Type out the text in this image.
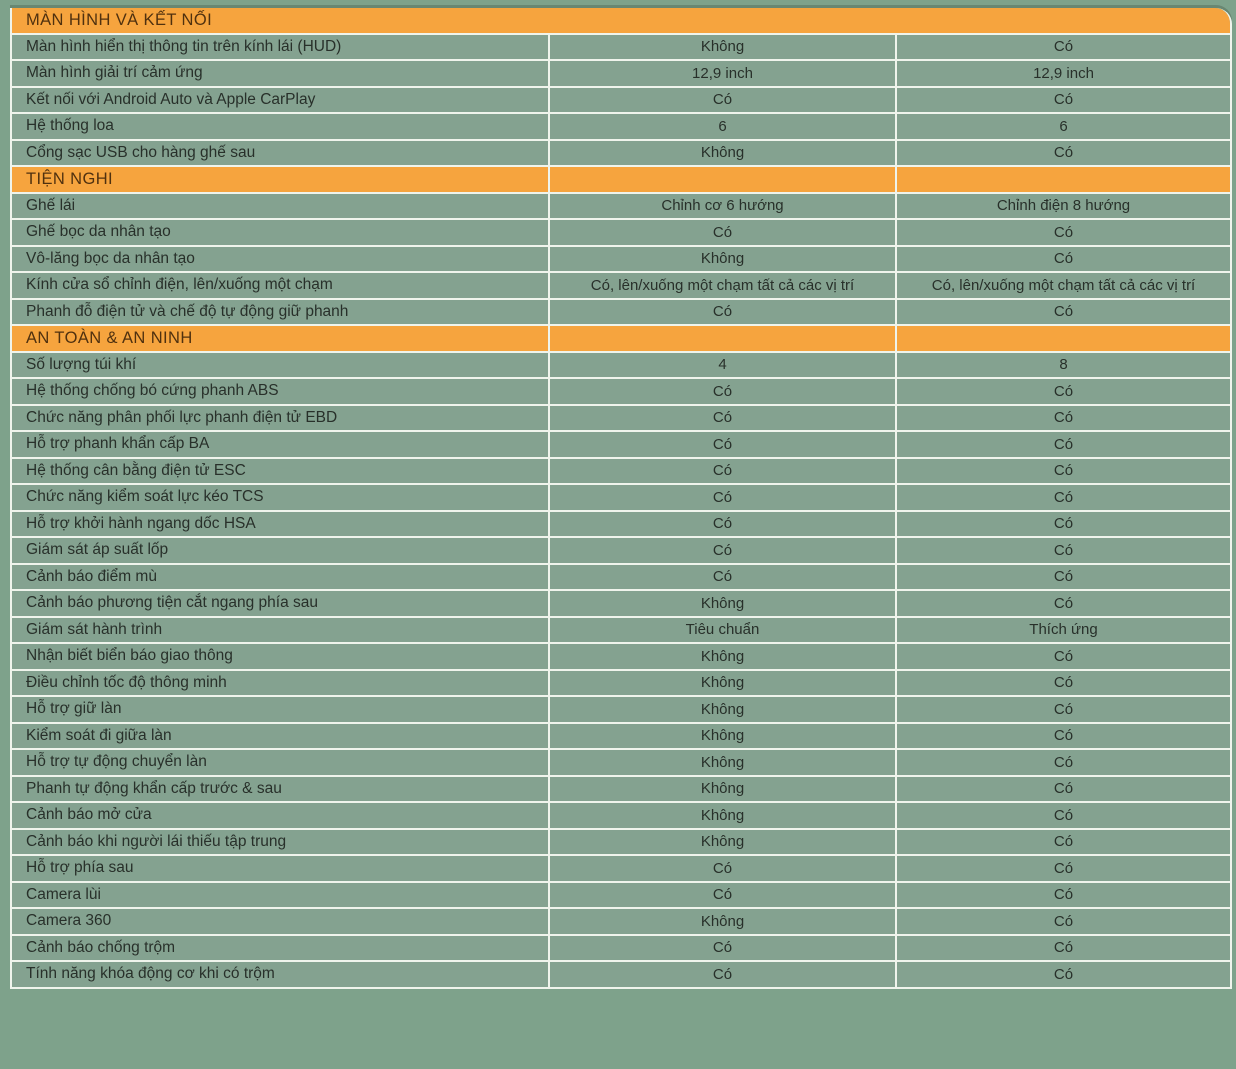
MÀN HÌNH VÀ KẾT NỐI		
Màn hình hiển thị thông tin trên kính lái (HUD)	Không	Có
Màn hình giải trí cảm ứng	12,9 inch	12,9 inch
Kết nối với Android Auto và Apple CarPlay	Có	Có
Hệ thống loa	6	6
Cổng sạc USB cho hàng ghế sau	Không	Có
TIỆN NGHI		
Ghế lái	Chỉnh cơ 6 hướng	Chỉnh điện 8 hướng
Ghế bọc da nhân tạo	Có	Có
Vô-lăng bọc da nhân tạo	Không	Có
Kính cửa sổ chỉnh điện, lên/xuống một chạm	Có, lên/xuống một chạm tất cả các vị trí	Có, lên/xuống một chạm tất cả các vị trí
Phanh đỗ điện tử và chế độ tự động giữ phanh	Có	Có
AN TOÀN & AN NINH		
Số lượng túi khí	4	8
Hệ thống chống bó cứng phanh ABS	Có	Có
Chức năng phân phối lực phanh điện tử EBD	Có	Có
Hỗ trợ phanh khẩn cấp BA	Có	Có
Hệ thống cân bằng điện tử ESC	Có	Có
Chức năng kiểm soát lực kéo TCS	Có	Có
Hỗ trợ khởi hành ngang dốc HSA	Có	Có
Giám sát áp suất lốp	Có	Có
Cảnh báo điểm mù	Có	Có
Cảnh báo phương tiện cắt ngang phía sau	Không	Có
Giám sát hành trình	Tiêu chuẩn	Thích ứng
Nhận biết biển báo giao thông	Không	Có
Điều chỉnh tốc độ thông minh	Không	Có
Hỗ trợ giữ làn	Không	Có
Kiểm soát đi giữa làn	Không	Có
Hỗ trợ tự động chuyển làn	Không	Có
Phanh tự động khẩn cấp trước & sau	Không	Có
Cảnh báo mở cửa	Không	Có
Cảnh báo khi người lái thiếu tập trung	Không	Có
Hỗ trợ phía sau	Có	Có
Camera lùi	Có	Có
Camera 360	Không	Có
Cảnh báo chống trộm	Có	Có
Tính năng khóa động cơ khi có trộm	Có	Có
